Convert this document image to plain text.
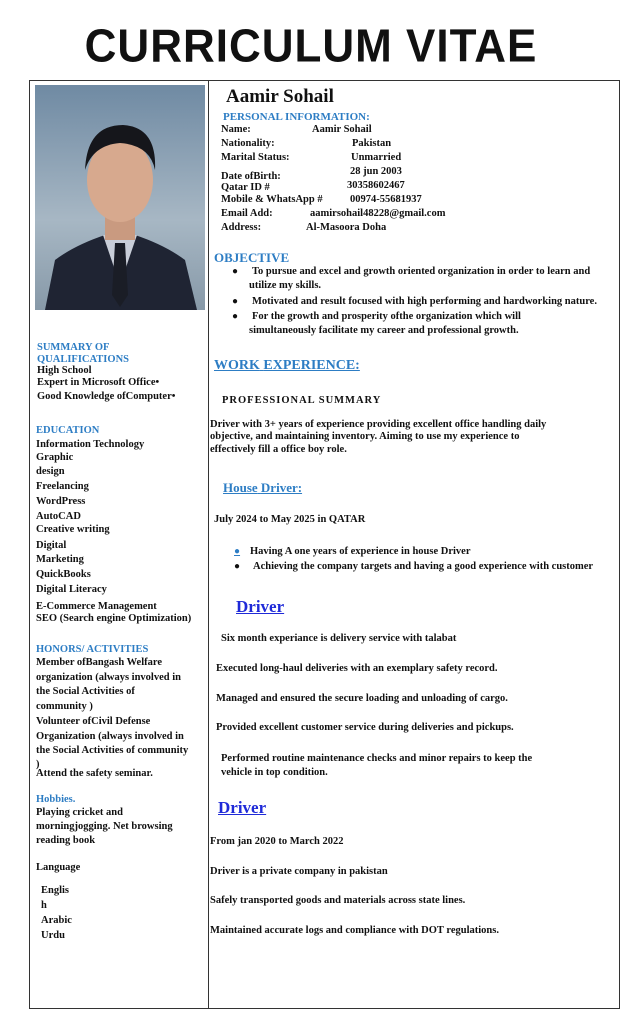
CURRICULUM VITAE
Aamir Sohail
PERSONAL INFORMATION:
OBJECTIVE
● To pursue and excel and growth oriented organization in order to learn and
utilize my skills.
● Motivated and result focused with high performing and hardworking nature.
● For the growth and prosperity ofthe organization which will
simultaneously facilitate my career and professional growth.
WORK EXPERIENCE:
PROFESSIONAL SUMMARY
Driver with 3+ years of experience providing excellent office handling daily
objective, and maintaining inventory. Aiming to use my experience to
effectively fill a office boy role.
House Driver:
July 2024 to May 2025 in QATAR
● Having A one years of experience in house Driver
● Achieving the company targets and having a good experience with customer
Driver
Six month experiance is delivery service with talabat
Executed long-haul deliveries with an exemplary safety record.
Managed and ensured the secure loading and unloading of cargo.
Provided excellent customer service during deliveries and pickups.
Performed routine maintenance checks and minor repairs to keep the
vehicle in top condition.
Driver
From jan 2020 to March 2022
Driver is a private company in pakistan
Safely transported goods and materials across state lines.
Maintained accurate logs and compliance with DOT regulations.
SUMMARY OF
QUALIFICATIONS
Name:	Aamir Sohail
Nationality:	Pakistan
Marital Status:	Unmarried
Date ofBirth:	28 jun 2003
Qatar ID #	30358602467
Mobile & WhatsApp #	00974-55681937
Email Add:	aamirsohail48228@gmail.com
Address:	Al-Masoora Doha
High School
Expert in Microsoft Office•
Good Knowledge ofComputer•
EDUCATION
Information Technology
Graphic
design
Freelancing
WordPress
AutoCAD
Creative writing
Digital
Marketing
QuickBooks
Digital Literacy
E-Commerce Management
SEO (Search engine Optimization)
HONORS/ ACTIVITIES
Member ofBangash Welfare
organization (always involved in
the Social Activities of
community )
Volunteer ofCivil Defense
Organization (always involved in
the Social Activities of community
)
Attend the safety seminar.
Hobbies.
Playing cricket and
morningjogging. Net browsing
reading book
Language
Englis
h
Arabic
Urdu
